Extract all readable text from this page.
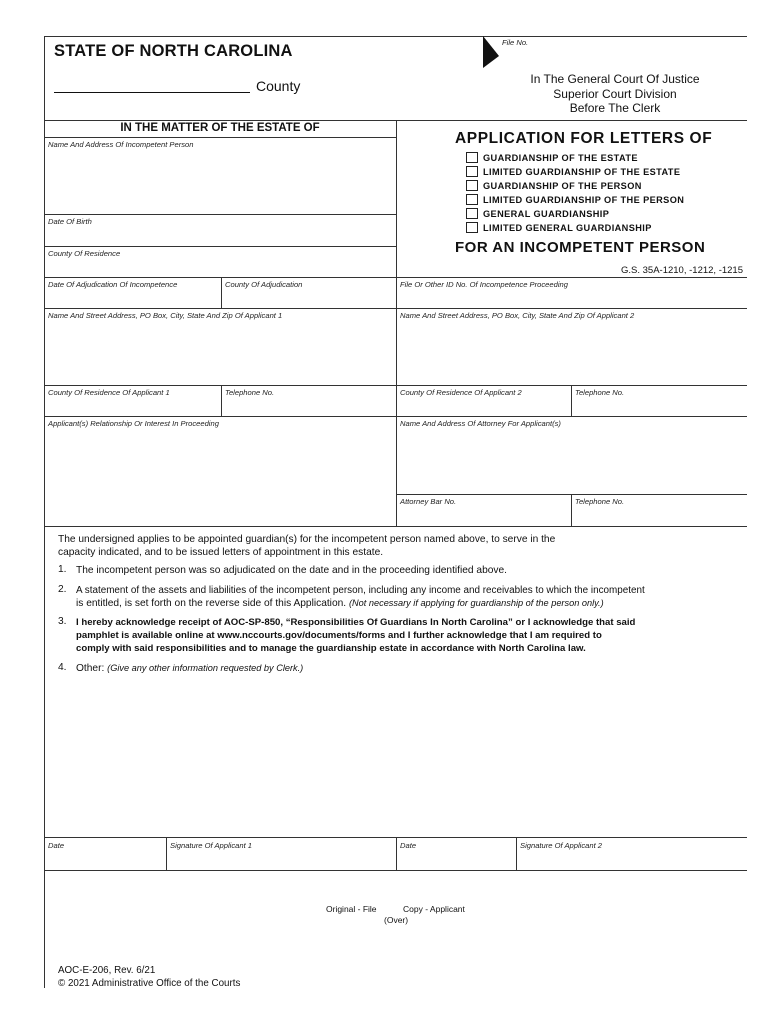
STATE OF NORTH CAROLINA
County
File No.
In The General Court Of Justice
Superior Court Division
Before The Clerk
IN THE MATTER OF THE ESTATE OF
Name And Address Of Incompetent Person
Date Of Birth
County Of Residence
APPLICATION FOR LETTERS OF
GUARDIANSHIP OF THE ESTATE
LIMITED GUARDIANSHIP OF THE ESTATE
GUARDIANSHIP OF THE PERSON
LIMITED GUARDIANSHIP OF THE PERSON
GENERAL GUARDIANSHIP
LIMITED GENERAL GUARDIANSHIP
FOR AN INCOMPETENT PERSON
G.S. 35A-1210, -1212, -1215
Date Of Adjudication Of Incompetence	County Of Adjudication	File Or Other ID No. Of Incompetence Proceeding
Name And Street Address, PO Box, City, State And Zip Of Applicant 1	Name And Street Address, PO Box, City, State And Zip Of Applicant 2
County Of Residence Of Applicant 1	Telephone No.	County Of Residence Of Applicant 2	Telephone No.
Applicant(s) Relationship Or Interest In Proceeding	Name And Address Of Attorney For Applicant(s)
Attorney Bar No.	Telephone No.
The undersigned applies to be appointed guardian(s) for the incompetent person named above, to serve in the
capacity indicated, and to be issued letters of appointment in this estate.
1. The incompetent person was so adjudicated on the date and in the proceeding identified above.
2. A statement of the assets and liabilities of the incompetent person, including any income and receivables to which the incompetent
is entitled, is set forth on the reverse side of this Application. (Not necessary if applying for guardianship of the person only.)
3. I hereby acknowledge receipt of AOC-SP-850, “Responsibilities Of Guardians In North Carolina” or I acknowledge that said
pamphlet is available online at www.nccourts.gov/documents/forms and I further acknowledge that I am required to
comply with said responsibilities and to manage the guardianship estate in accordance with North Carolina law.
4. Other: (Give any other information requested by Clerk.)
Date	Signature Of Applicant 1	Date	Signature Of Applicant 2
Original - File	Copy - Applicant
(Over)
AOC-E-206, Rev. 6/21
© 2021 Administrative Office of the Courts
